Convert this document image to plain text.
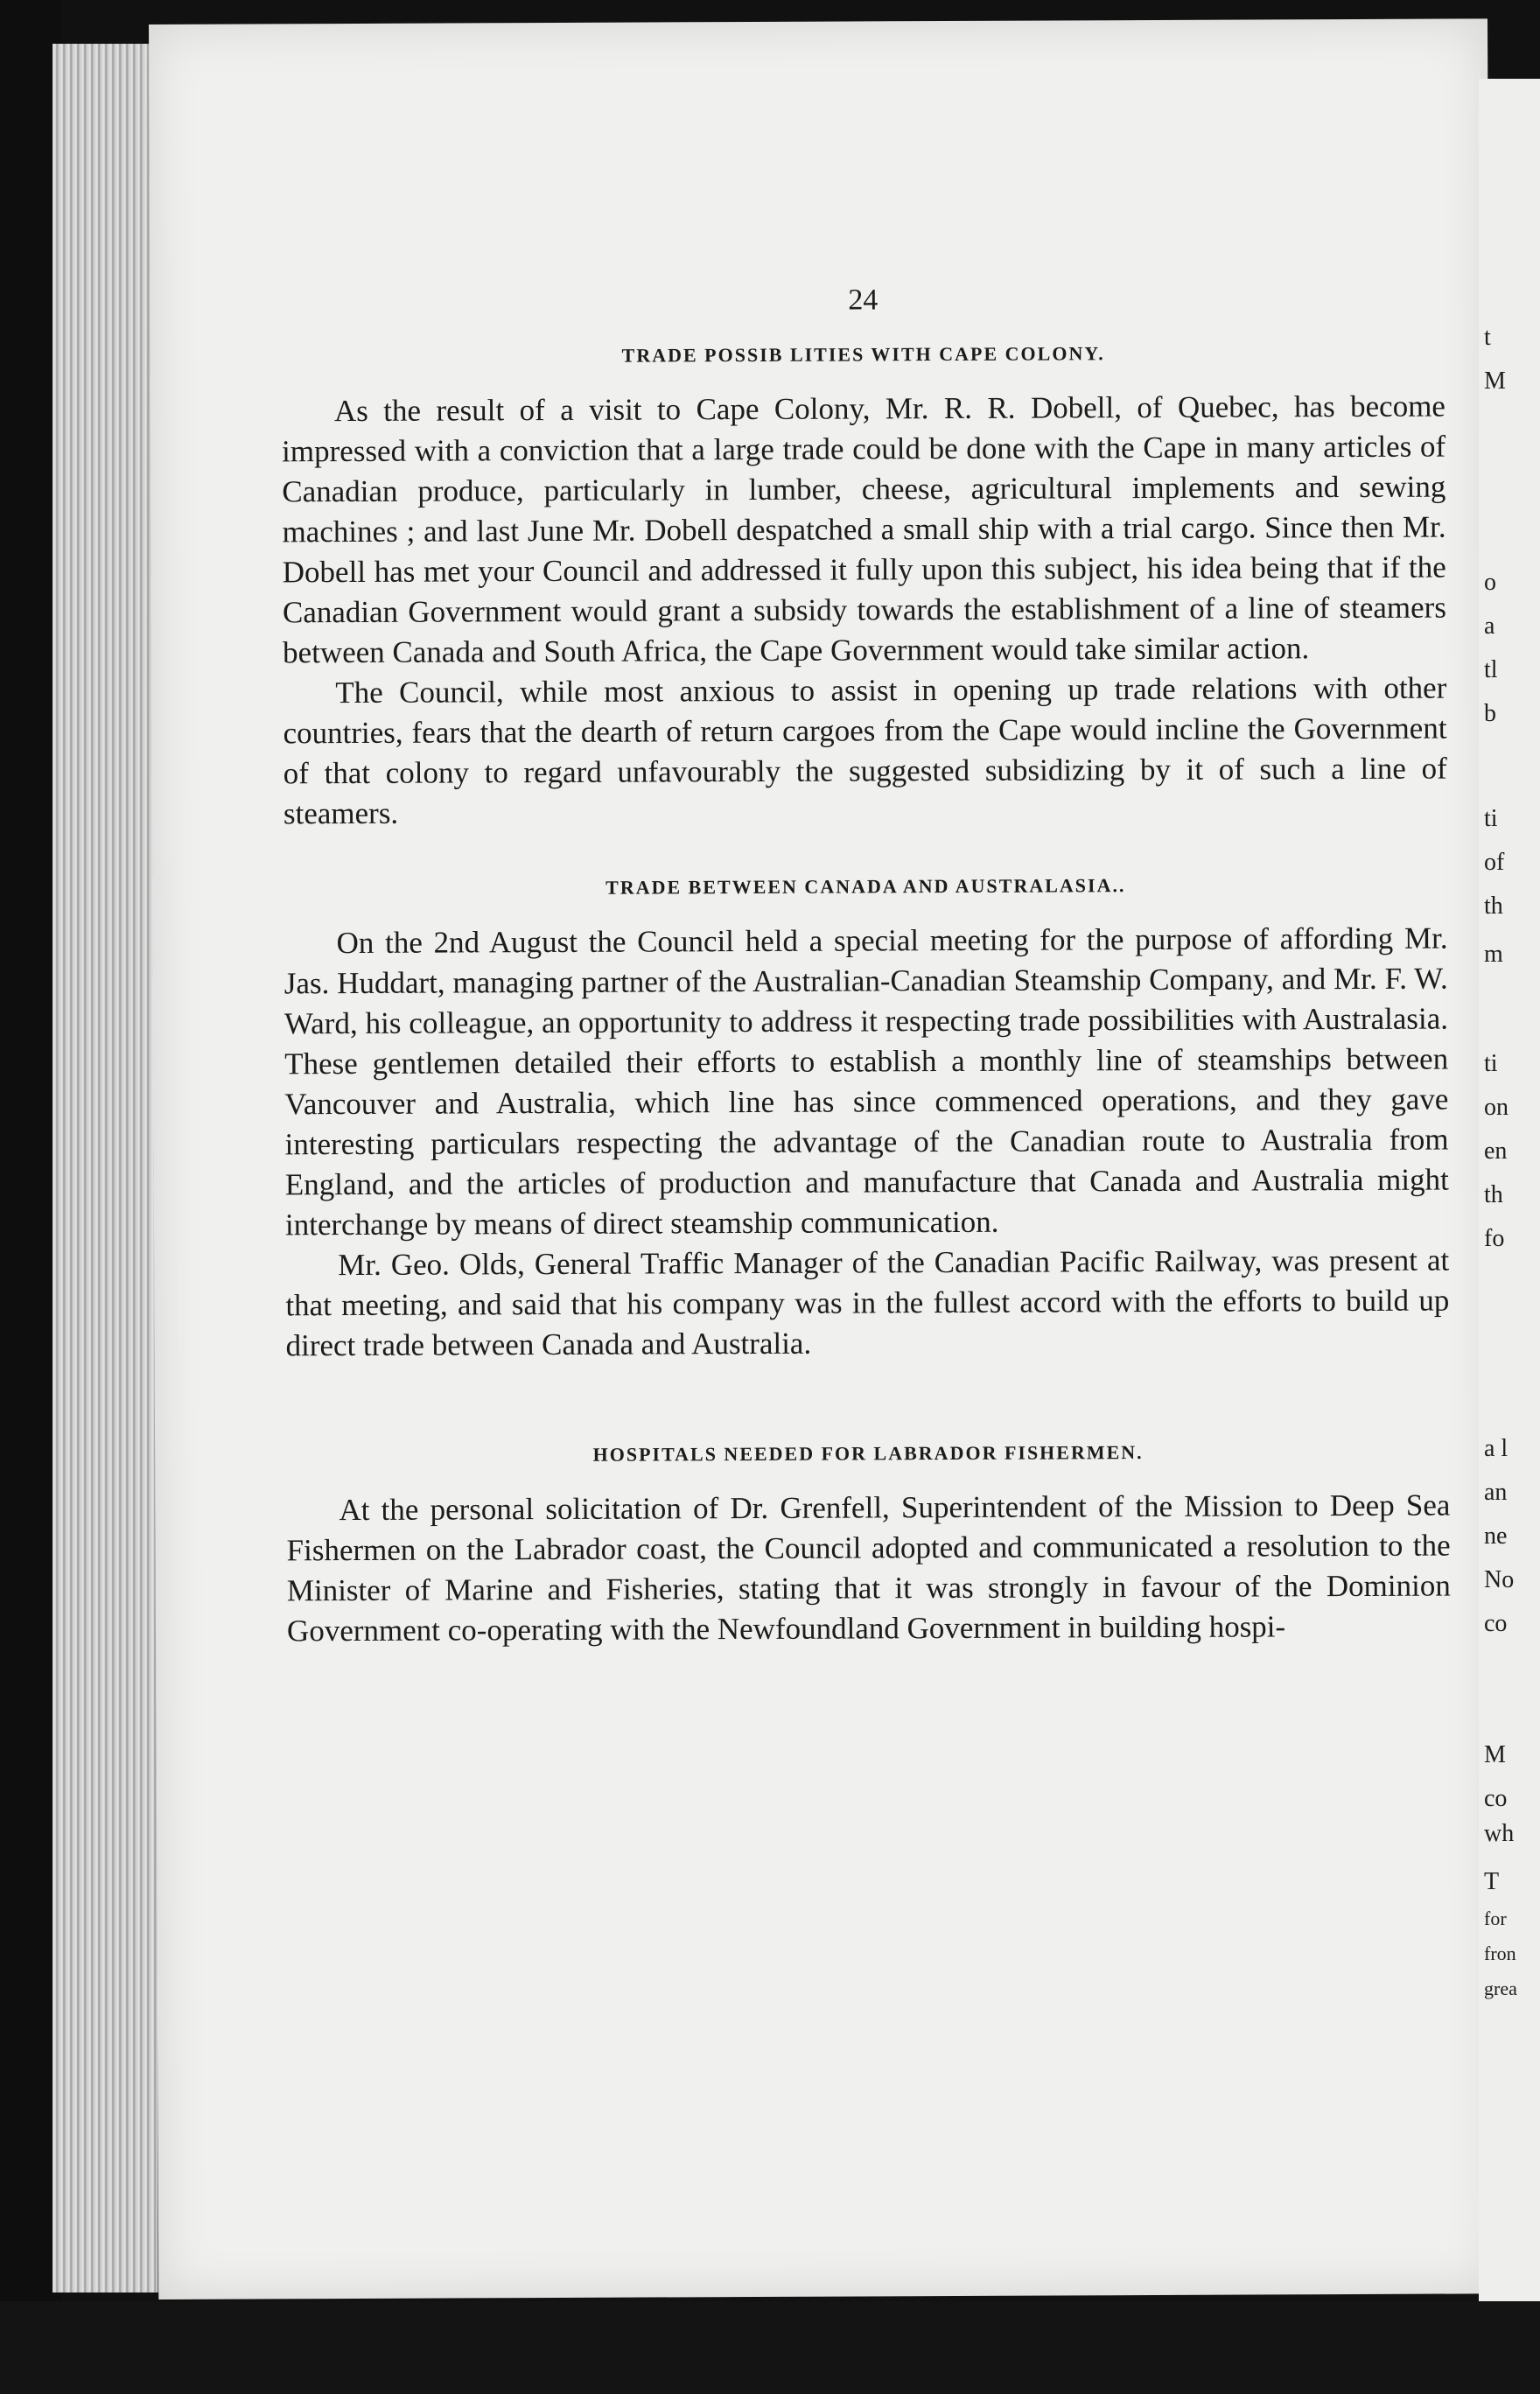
24
TRADE POSSIB LITIES WITH CAPE COLONY.

As the result of a visit to Cape Colony, Mr. R. R. Dobell, of Quebec, has become impressed with a conviction that a large trade could be done with the Cape in many articles of Canadian produce, particularly in lumber, cheese, agricultural implements and sewing machines ; and last June Mr. Dobell despatched a small ship with a trial cargo. Since then Mr. Dobell has met your Council and addressed it fully upon this subject, his idea being that if the Canadian Government would grant a subsidy towards the establishment of a line of steamers between Canada and South Africa, the Cape Government would take similar action.

The Council, while most anxious to assist in opening up trade relations with other countries, fears that the dearth of return cargoes from the Cape would incline the Government of that colony to regard unfavourably the suggested subsidizing by it of such a line of steamers.

TRADE BETWEEN CANADA AND AUSTRALASIA..

On the 2nd August the Council held a special meeting for the purpose of affording Mr. Jas. Huddart, managing partner of the Australian-Canadian Steamship Company, and Mr. F. W. Ward, his colleague, an opportunity to address it respecting trade possibilities with Australasia. These gentlemen detailed their efforts to establish a monthly line of steamships between Vancouver and Australia, which line has since commenced operations, and they gave interesting particulars respecting the advantage of the Canadian route to Australia from England, and the articles of production and manufacture that Canada and Australia might interchange by means of direct steamship communication.

Mr. Geo. Olds, General Traffic Manager of the Canadian Pacific Railway, was present at that meeting, and said that his company was in the fullest accord with the efforts to build up direct trade between Canada and Australia.

HOSPITALS NEEDED FOR LABRADOR FISHERMEN.

At the personal solicitation of Dr. Grenfell, Superintendent of the Mission to Deep Sea Fishermen on the Labrador coast, the Council adopted and communicated a resolution to the Minister of Marine and Fisheries, stating that it was strongly in favour of the Dominion Government co-operating with the Newfoundland Government in building hospi-

t
M
o
a
tl
b
ti
of
th
m
ti
on
en
th
fo
a l
an
ne
No
co
M
co
wh
T
for
fron
grea
